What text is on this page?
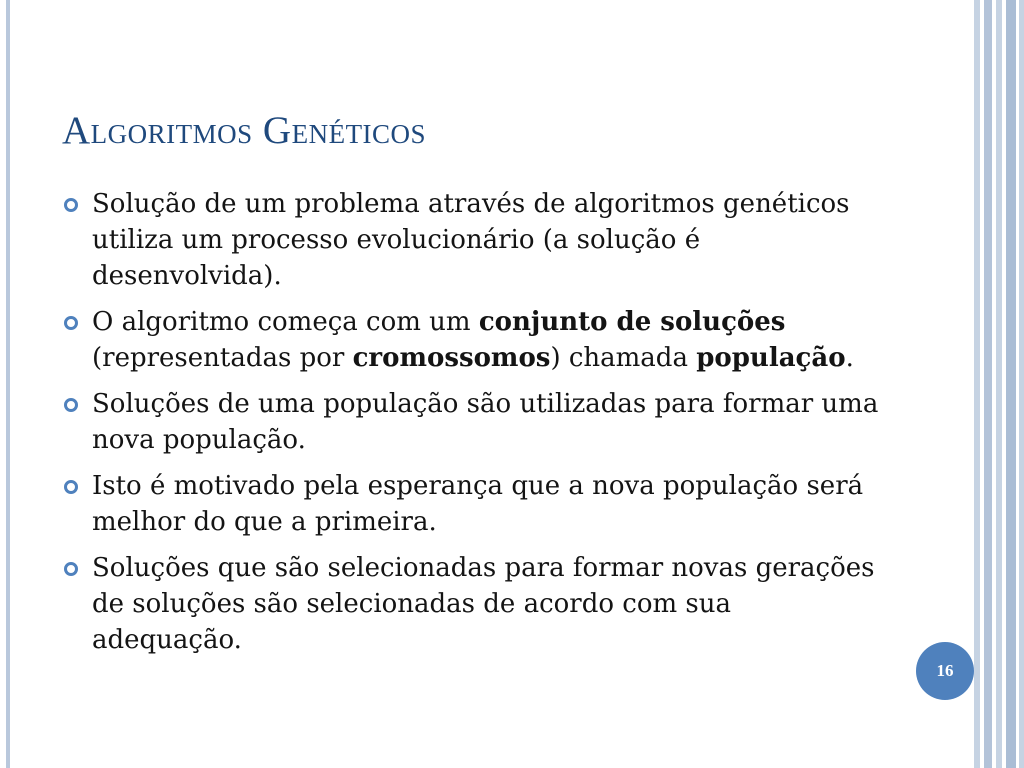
Algoritmos Genéticos
Solução de um problema através de algoritmos genéticos utiliza um processo evolucionário (a solução é desenvolvida).
O algoritmo começa com um conjunto de soluções (representadas por cromossomos) chamada população.
Soluções de uma população são utilizadas para formar uma nova população.
Isto é motivado pela esperança que a nova população será melhor do que a primeira.
Soluções que são selecionadas para formar novas gerações de soluções são selecionadas de acordo com sua adequação.
16
